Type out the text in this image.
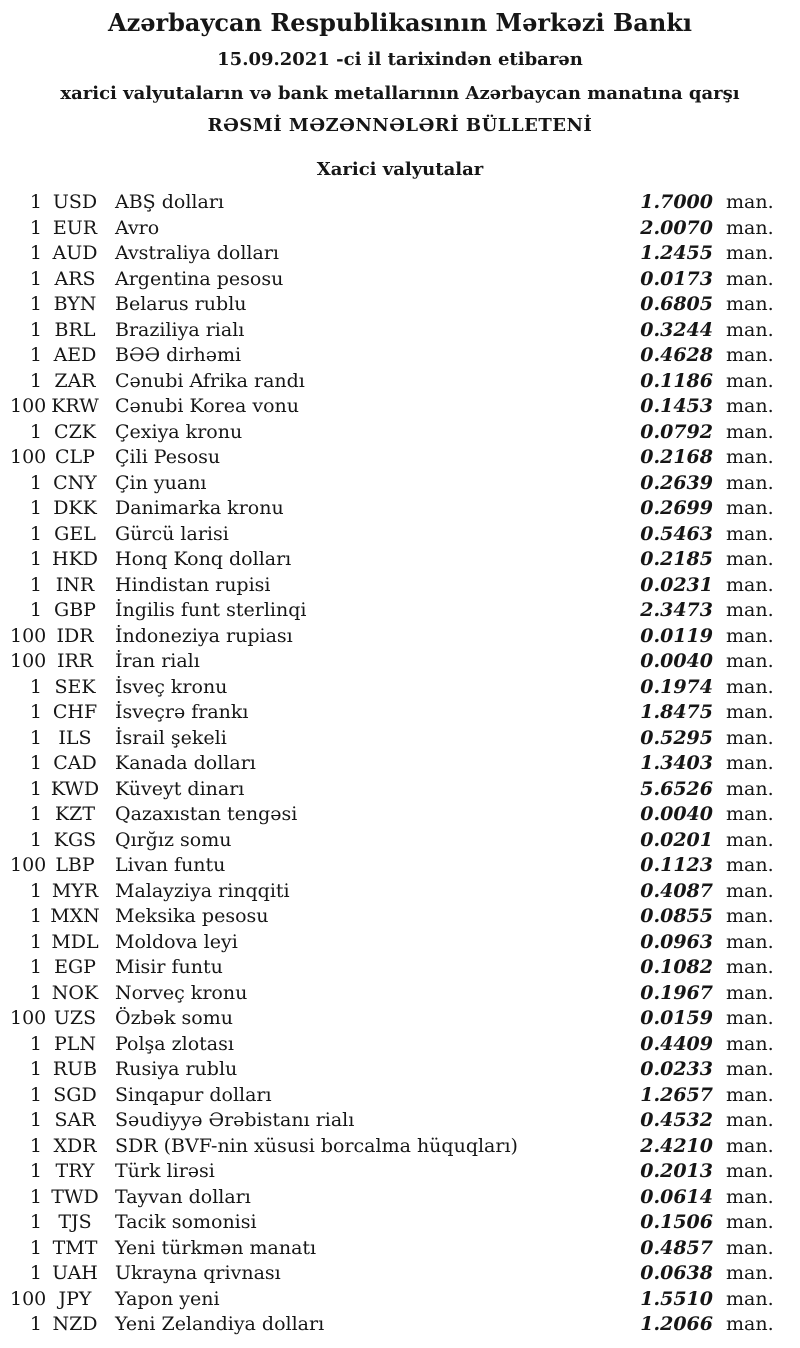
Azərbaycan Respublikasının Mərkəzi Bankı
15.09.2021 -ci il tarixindən etibarən
xarici valyutaların və bank metallarının Azərbaycan manatına qarşı
RƏSMİ MƏZƏNNƏLƏRİ BÜLLETENİ
Xarici valyutalar
1 USD ABŞ dolları	1.7000 man.
1 EUR Avro	2.0070 man.
1 AUD Avstraliya dolları	1.2455 man.
1 ARS	Argentina pesosu	0.0173 man.
1 BYN Belarus rublu	0.6805 man.
1 BRL	Braziliya rialı	0.3244 man.
1 AED BƏƏ dirhəmi	0.4628 man.
1 ZAR	Cənubi Afrika randı	0.1186 man.
100 KRW Cənubi Korea vonu	0.1453 man.
1 CZK	Çexiya kronu	0.0792 man.
100 CLP	Çili Pesosu	0.2168 man.
1 CNY Çin yuanı	0.2639 man.
1 DKK Danimarka kronu	0.2699 man.
1 GEL	Gürcü larisi	0.5463 man.
1 HKD Honq Konq dolları	0.2185 man.
1 INR	Hindistan rupisi	0.0231 man.
1 GBP	İngilis funt sterlinqi	2.3473 man.
100 IDR	İndoneziya rupiası	0.0119 man.
100 IRR	İran rialı	0.0040 man.
1 SEK	İsveç kronu	0.1974 man.
1 CHF İsveçrə frankı	1.8475 man.
1 ILS	İsrail şekeli	0.5295 man.
1 CAD Kanada dolları	1.3403 man.
1 KWD Küveyt dinarı	5.6526 man.
1 KZT	Qazaxıstan tengəsi	0.0040 man.
1 KGS Qırğız somu	0.0201 man.
100 LBP	Livan funtu	0.1123 man.
1 MYR Malayziya rinqqiti	0.4087 man.
1 MXN Meksika pesosu	0.0855 man.
1 MDL Moldova leyi	0.0963 man.
1 EGP	Misir funtu	0.1082 man.
1 NOK Norveç kronu	0.1967 man.
100 UZS Özbək somu	0.0159 man.
1 PLN Polşa zlotası	0.4409 man.
1 RUB Rusiya rublu	0.0233 man.
1 SGD Sinqapur dolları	1.2657 man.
1 SAR	Səudiyyə Ərəbistanı rialı	0.4532 man.
1 XDR SDR (BVF-nin xüsusi borcalma hüquqları)	2.4210 man.
1 TRY	Türk lirəsi	0.2013 man.
1 TWD Tayvan dolları	0.0614 man.
1 TJS	Tacik somonisi	0.1506 man.
1 TMT Yeni türkmən manatı	0.4857 man.
1 UAH Ukrayna qrivnası	0.0638 man.
100 JPY	Yapon yeni	1.5510 man.
1 NZD Yeni Zelandiya dolları	1.2066 man.
